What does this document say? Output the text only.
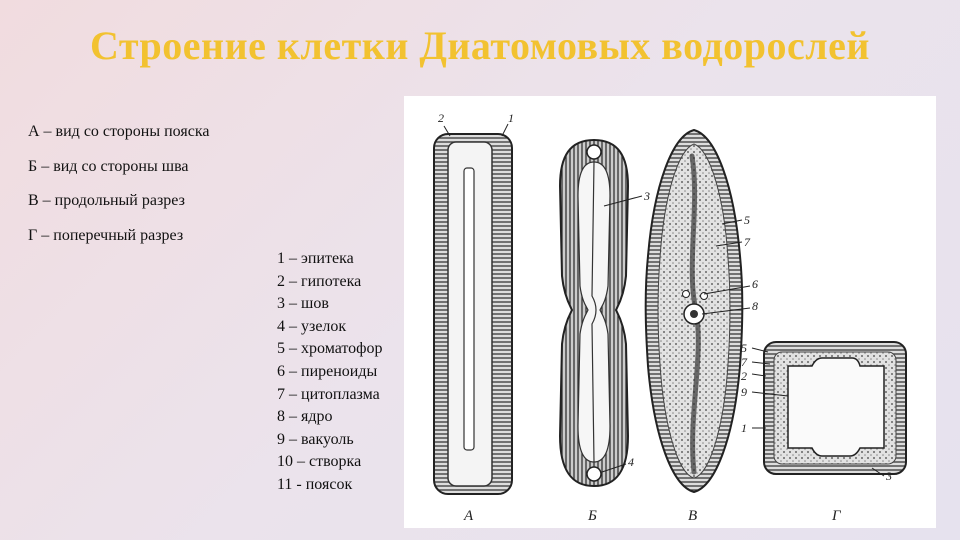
Строение клетки Диатомовых водорослей
А – вид со стороны пояска
Б – вид со стороны шва
В – продольный разрез
Г – поперечный разрез
1 – эпитека
2 – гипотека
3 – шов
4 – узелок
5 – хроматофор
6 – пиреноиды
7 – цитоплазма
8 – ядро
9 – вакуоль
10 – створка
11 - поясок
2	1
А
3
4
Б
5
7
6
8
В
5
7
2
9
1
3
Г
